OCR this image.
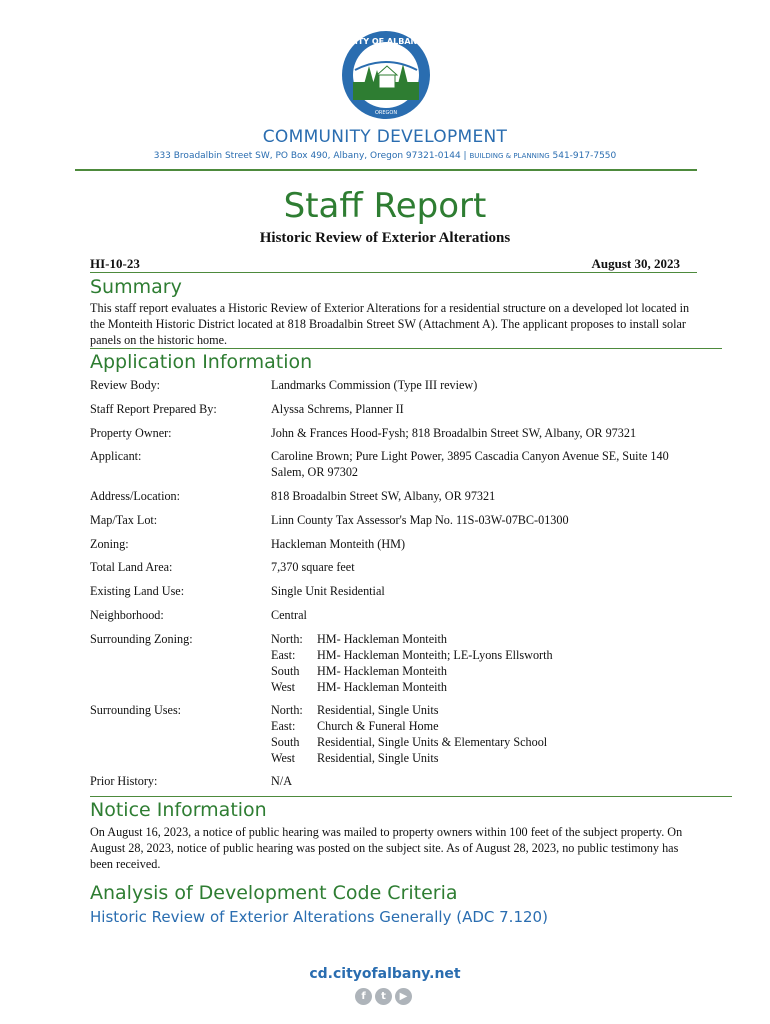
CITY OF ALBANY
OREGON
COMMUNITY DEVELOPMENT
333 Broadalbin Street SW, PO Box 490, Albany, Oregon 97321-0144 | BUILDING & PLANNING 541-917-7550
Staff Report
Historic Review of Exterior Alterations
HI-10-23	August 30, 2023
Summary
This staff report evaluates a Historic Review of Exterior Alterations for a residential structure on a developed lot located in the Monteith Historic District located at 818 Broadalbin Street SW (Attachment A). The applicant proposes to install solar panels on the historic home.
Application Information
Review Body:	Landmarks Commission (Type III review)
Staff Report Prepared By:	Alyssa Schrems, Planner II
Property Owner:	John & Frances Hood-Fysh; 818 Broadalbin Street SW, Albany, OR 97321
Applicant:	Caroline Brown; Pure Light Power, 3895 Cascadia Canyon Avenue SE, Suite 140 Salem, OR 97302
Address/Location:	818 Broadalbin Street SW, Albany, OR 97321
Map/Tax Lot:	Linn County Tax Assessor's Map No. 11S-03W-07BC-01300
Zoning:	Hackleman Monteith (HM)
Total Land Area:	7,370 square feet
Existing Land Use:	Single Unit Residential
Neighborhood:	Central
Surrounding Zoning:	North: HM- Hackleman Monteith
East: HM- Hackleman Monteith; LE-Lyons Ellsworth
South HM- Hackleman Monteith
West HM- Hackleman Monteith
Surrounding Uses:	North: Residential, Single Units
East: Church & Funeral Home
South Residential, Single Units & Elementary School
West Residential, Single Units
Prior History:	N/A
Notice Information
On August 16, 2023, a notice of public hearing was mailed to property owners within 100 feet of the subject property. On August 28, 2023, notice of public hearing was posted on the subject site. As of August 28, 2023, no public testimony has been received.
Analysis of Development Code Criteria
Historic Review of Exterior Alterations Generally (ADC 7.120)
cd.cityofalbany.net
f	t	▶
